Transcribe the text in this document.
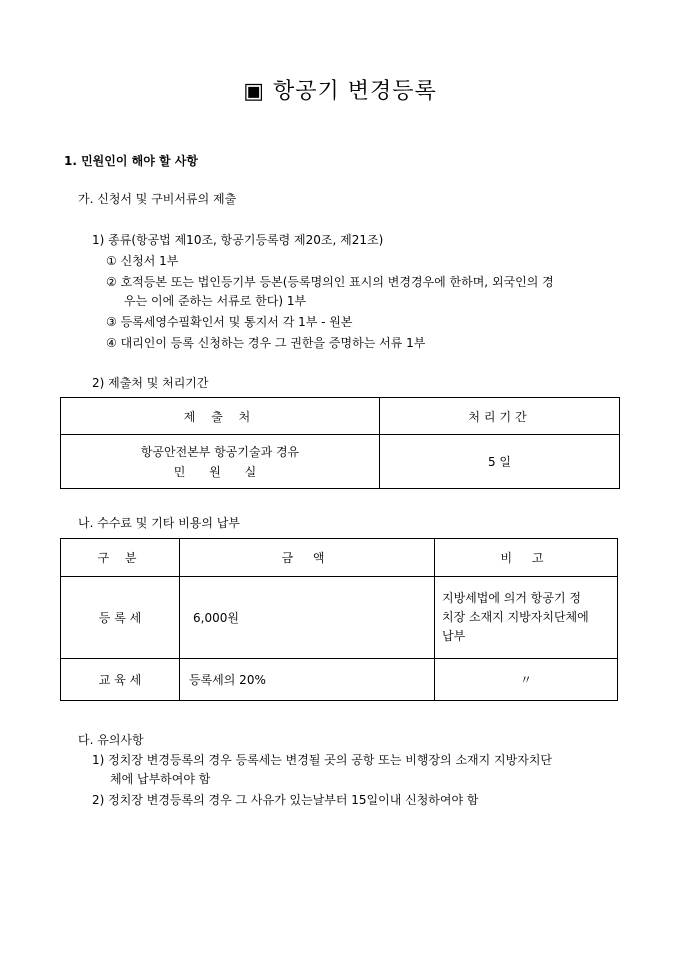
▣ 항공기 변경등록
1. 민원인이 해야 할 사항
가. 신청서 및 구비서류의 제출
1) 종류(항공법 제10조, 항공기등록령 제20조, 제21조)
① 신청서 1부
② 호적등본 또는 법인등기부 등본(등록명의인 표시의 변경경우에 한하며, 외국인의 경
우는 이에 준하는 서류로 한다) 1부
③ 등록세영수필확인서 및 통지서 각 1부 - 원본
④ 대리인이 등록 신청하는 경우 그 권한을 증명하는 서류 1부
2) 제출처 및 처리기간
제 출 처	처리기간

항공안전본부 항공기술과 경유
민 원 실	5 일
나. 수수료 및 기타 비용의 납부
구 분	금 액	비 고
등 록 세	6,000원	지방세법에 의거 항공기 정
치장 소재지 지방자치단체에
납부

교 육 세	등록세의 20%	〃
다. 유의사항
1) 정치장 변경등록의 경우 등록세는 변경될 곳의 공항 또는 비행장의 소재지 지방자치단
체에 납부하여야 함
2) 정치장 변경등록의 경우 그 사유가 있는날부터 15일이내 신청하여야 함
